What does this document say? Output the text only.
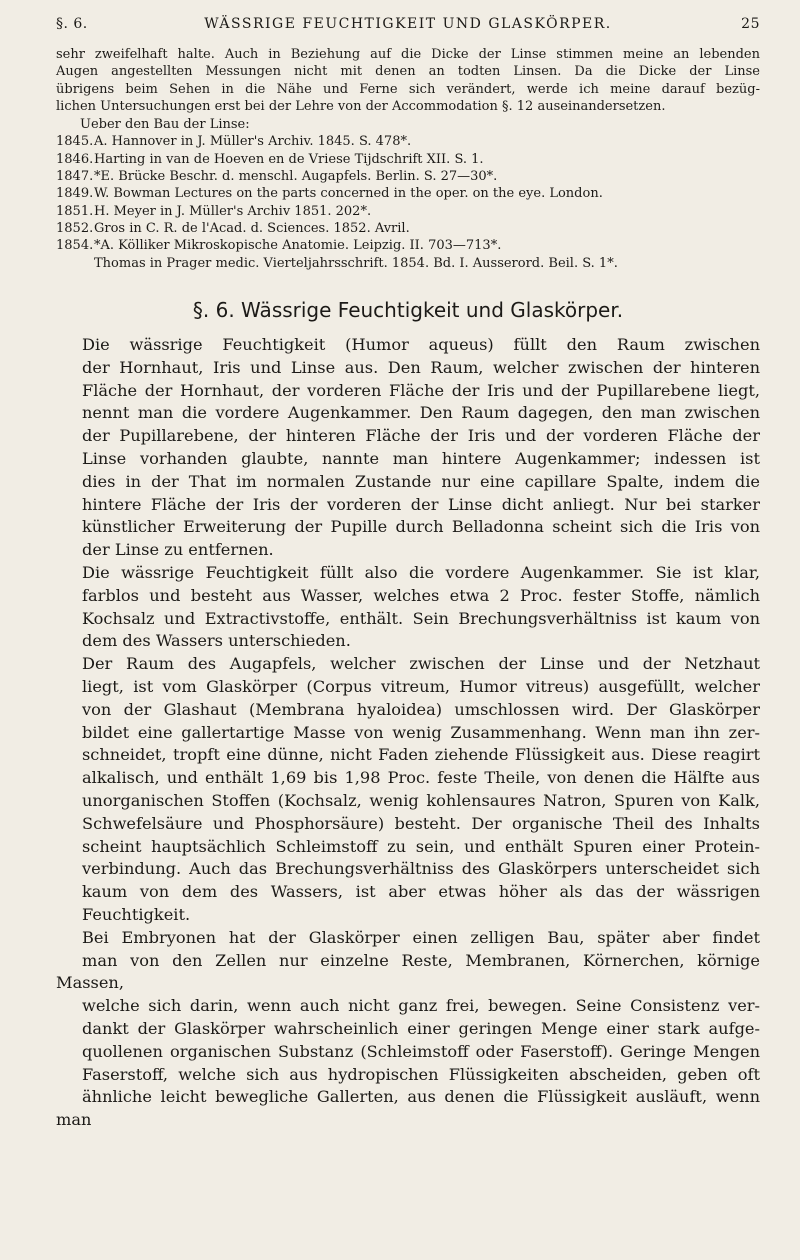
§. 6.	WÄSSRIGE FEUCHTIGKEIT UND GLASKÖRPER.	25

sehr zweifelhaft halte. Auch in Beziehung auf die Dicke der Linse stimmen meine an lebenden
Augen angestellten Messungen nicht mit denen an todten Linsen. Da die Dicke der Linse
übrigens beim Sehen in die Nähe und Ferne sich verändert, werde ich meine darauf bezüg-
lichen Untersuchungen erst bei der Lehre von der Accommodation §. 12 auseinandersetzen.

Ueber den Bau der Linse:

1845.A. Hannover in J. Müller's Archiv. 1845. S. 478*.

1846.Harting in van de Hoeven en de Vriese Tijdschrift XII. S. 1.

1847.*E. Brücke Beschr. d. menschl. Augapfels. Berlin. S. 27—30*.

1849.W. Bowman Lectures on the parts concerned in the oper. on the eye. London.

1851.H. Meyer in J. Müller's Archiv 1851. 202*.

1852.Gros in C. R. de l'Acad. d. Sciences. 1852. Avril.

1854.*A. Kölliker Mikroskopische Anatomie. Leipzig. II. 703—713*.

Thomas in Prager medic. Vierteljahrsschrift. 1854. Bd. I. Ausserord. Beil. S. 1*.

§. 6. Wässrige Feuchtigkeit und Glaskörper.

Die wässrige Feuchtigkeit (Humor aqueus) füllt den Raum zwischen
der Hornhaut, Iris und Linse aus. Den Raum, welcher zwischen der hinteren
Fläche der Hornhaut, der vorderen Fläche der Iris und der Pupillarebene liegt,
nennt man die vordere Augenkammer. Den Raum dagegen, den man zwischen
der Pupillarebene, der hinteren Fläche der Iris und der vorderen Fläche der
Linse vorhanden glaubte, nannte man hintere Augenkammer; indessen ist
dies in der That im normalen Zustande nur eine capillare Spalte, indem die
hintere Fläche der Iris der vorderen der Linse dicht anliegt. Nur bei starker
künstlicher Erweiterung der Pupille durch Belladonna scheint sich die Iris von
der Linse zu entfernen.

Die wässrige Feuchtigkeit füllt also die vordere Augenkammer. Sie ist klar,
farblos und besteht aus Wasser, welches etwa 2 Proc. fester Stoffe, nämlich
Kochsalz und Extractivstoffe, enthält. Sein Brechungsverhältniss ist kaum von
dem des Wassers unterschieden.

Der Raum des Augapfels, welcher zwischen der Linse und der Netzhaut
liegt, ist vom Glaskörper (Corpus vitreum, Humor vitreus) ausgefüllt, welcher
von der Glashaut (Membrana hyaloidea) umschlossen wird. Der Glaskörper
bildet eine gallertartige Masse von wenig Zusammenhang. Wenn man ihn zer-
schneidet, tropft eine dünne, nicht Faden ziehende Flüssigkeit aus. Diese reagirt
alkalisch, und enthält 1,69 bis 1,98 Proc. feste Theile, von denen die Hälfte aus
unorganischen Stoffen (Kochsalz, wenig kohlensaures Natron, Spuren von Kalk,
Schwefelsäure und Phosphorsäure) besteht. Der organische Theil des Inhalts
scheint hauptsächlich Schleimstoff zu sein, und enthält Spuren einer Protein-
verbindung. Auch das Brechungsverhältniss des Glaskörpers unterscheidet sich
kaum von dem des Wassers, ist aber etwas höher als das der wässrigen
Feuchtigkeit.

Bei Embryonen hat der Glaskörper einen zelligen Bau, später aber findet
man von den Zellen nur einzelne Reste, Membranen, Körnerchen, körnige Massen,
welche sich darin, wenn auch nicht ganz frei, bewegen. Seine Consistenz ver-
dankt der Glaskörper wahrscheinlich einer geringen Menge einer stark aufge-
quollenen organischen Substanz (Schleimstoff oder Faserstoff). Geringe Mengen
Faserstoff, welche sich aus hydropischen Flüssigkeiten abscheiden, geben oft
ähnliche leicht bewegliche Gallerten, aus denen die Flüssigkeit ausläuft, wenn man
